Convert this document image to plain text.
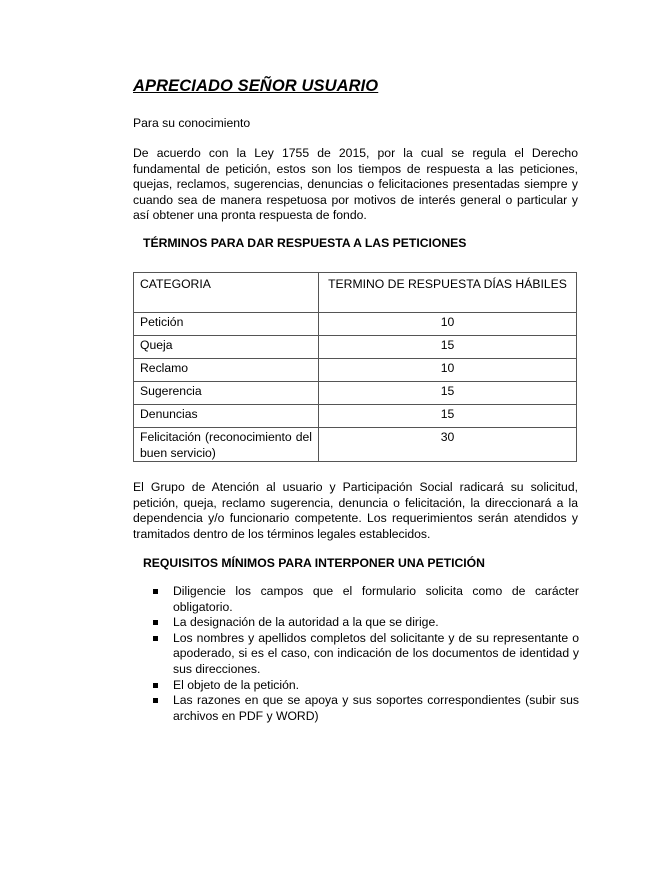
APRECIADO SEÑOR USUARIO

Para su conocimiento

De acuerdo con la Ley 1755 de 2015, por la cual se regula el Derecho fundamental de petición, estos son los tiempos de respuesta a las peticiones, quejas, reclamos, sugerencias, denuncias o felicitaciones presentadas siempre y cuando sea de manera respetuosa por motivos de interés general o particular y así obtener una pronta respuesta de fondo.

TÉRMINOS PARA DAR RESPUESTA A LAS PETICIONES
CATEGORIA	TERMINO DE RESPUESTA DÍAS HÁBILES
Petición	10
Queja	15
Reclamo	10
Sugerencia	15
Denuncias	15
Felicitación (reconocimiento del buen servicio)	30

El Grupo de Atención al usuario y Participación Social radicará su solicitud, petición, queja, reclamo sugerencia, denuncia o felicitación, la direccionará a la dependencia y/o funcionario competente. Los requerimientos serán atendidos y tramitados dentro de los términos legales establecidos.

REQUISITOS MÍNIMOS PARA INTERPONER UNA PETICIÓN
Diligencie los campos que el formulario solicita como de carácter obligatorio.
La designación de la autoridad a la que se dirige.
Los nombres y apellidos completos del solicitante y de su representante o apoderado, si es el caso, con indicación de los documentos de identidad y sus direcciones.
El objeto de la petición.
Las razones en que se apoya y sus soportes correspondientes (subir sus archivos en PDF y WORD)
